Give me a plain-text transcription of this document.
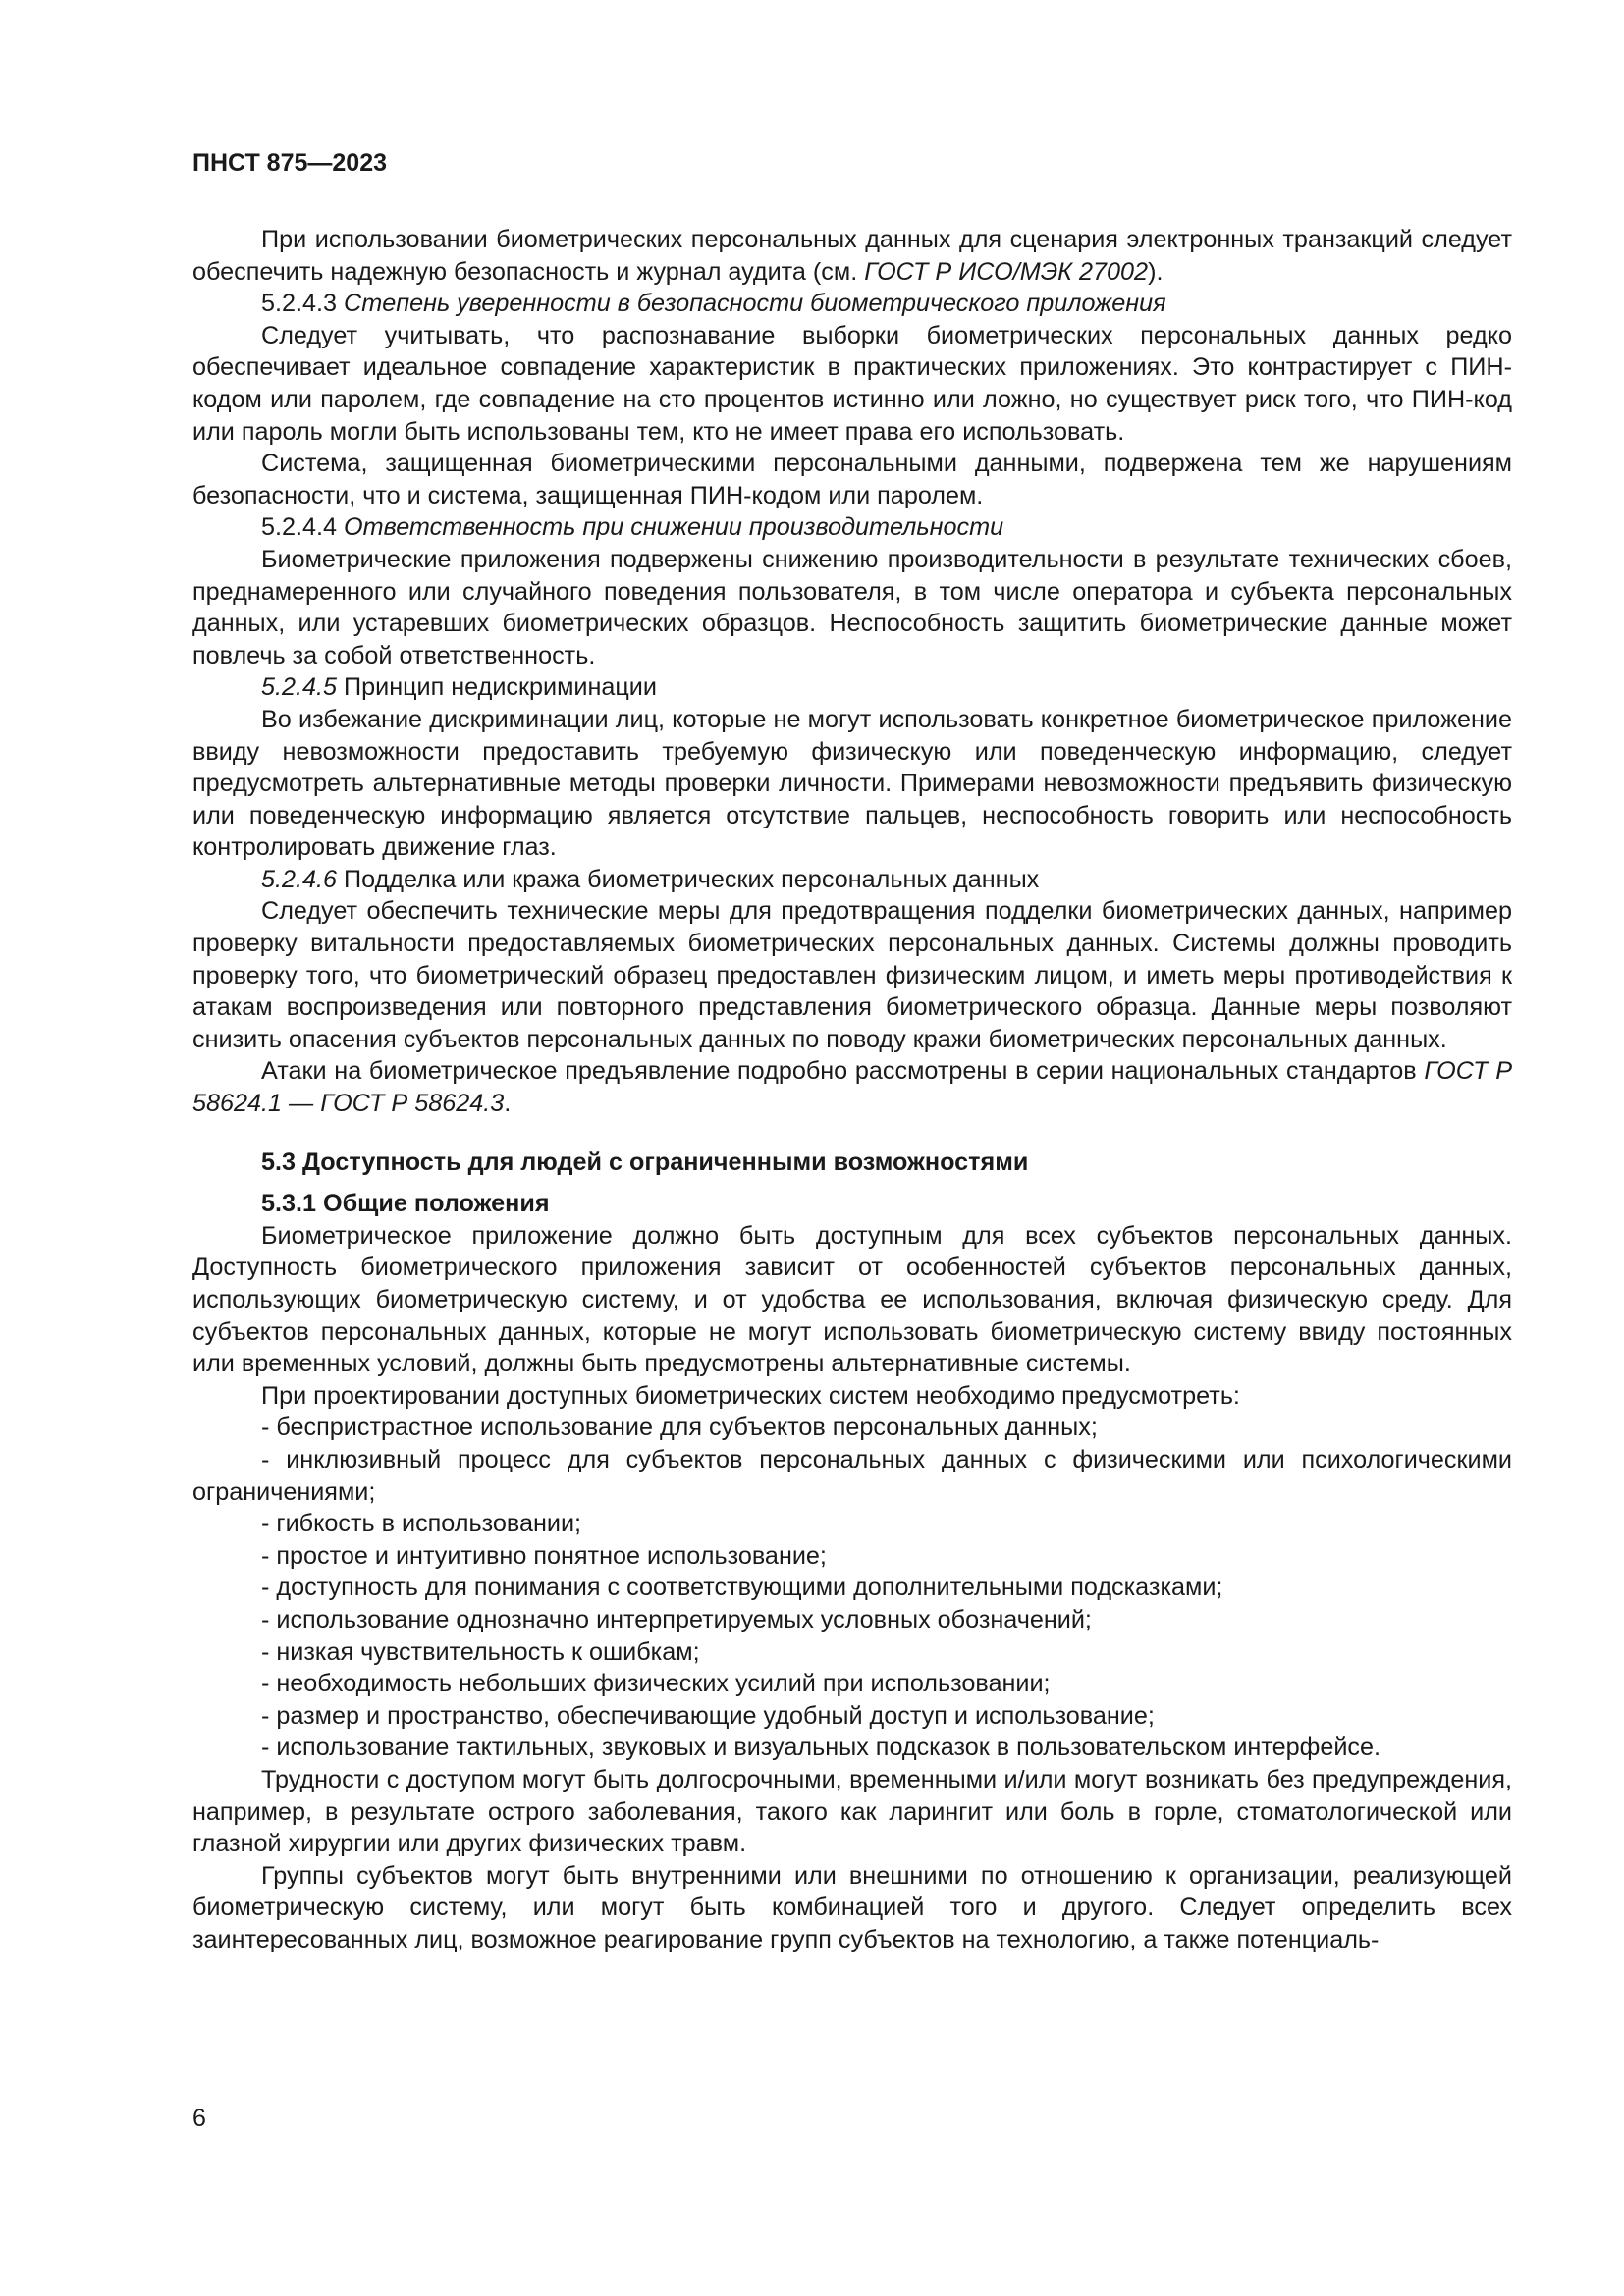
ПНСТ 875—2023

При использовании биометрических персональных данных для сценария электронных транзакций следует обеспечить надежную безопасность и журнал аудита (см. ГОСТ Р ИСО/МЭК 27002).

5.2.4.3 Степень уверенности в безопасности биометрического приложения

Следует учитывать, что распознавание выборки биометрических персональных данных редко обеспечивает идеальное совпадение характеристик в практических приложениях. Это контрастирует с ПИН-кодом или паролем, где совпадение на сто процентов истинно или ложно, но существует риск того, что ПИН-код или пароль могли быть использованы тем, кто не имеет права его использовать.

Система, защищенная биометрическими персональными данными, подвержена тем же нарушениям безопасности, что и система, защищенная ПИН-кодом или паролем.

5.2.4.4 Ответственность при снижении производительности

Биометрические приложения подвержены снижению производительности в результате технических сбоев, преднамеренного или случайного поведения пользователя, в том числе оператора и субъекта персональных данных, или устаревших биометрических образцов. Неспособность защитить биометрические данные может повлечь за собой ответственность.

5.2.4.5 Принцип недискриминации

Во избежание дискриминации лиц, которые не могут использовать конкретное биометрическое приложение ввиду невозможности предоставить требуемую физическую или поведенческую информацию, следует предусмотреть альтернативные методы проверки личности. Примерами невозможности предъявить физическую или поведенческую информацию является отсутствие пальцев, неспособность говорить или неспособность контролировать движение глаз.

5.2.4.6 Подделка или кража биометрических персональных данных

Следует обеспечить технические меры для предотвращения подделки биометрических данных, например проверку витальности предоставляемых биометрических персональных данных. Системы должны проводить проверку того, что биометрический образец предоставлен физическим лицом, и иметь меры противодействия к атакам воспроизведения или повторного представления биометрического образца. Данные меры позволяют снизить опасения субъектов персональных данных по поводу кражи биометрических персональных данных.

Атаки на биометрическое предъявление подробно рассмотрены в серии национальных стандартов ГОСТ Р 58624.1 — ГОСТ Р 58624.3.

5.3 Доступность для людей с ограниченными возможностями

5.3.1 Общие положения

Биометрическое приложение должно быть доступным для всех субъектов персональных данных. Доступность биометрического приложения зависит от особенностей субъектов персональных данных, использующих биометрическую систему, и от удобства ее использования, включая физическую среду. Для субъектов персональных данных, которые не могут использовать биометрическую систему ввиду постоянных или временных условий, должны быть предусмотрены альтернативные системы.

При проектировании доступных биометрических систем необходимо предусмотреть:

- беспристрастное использование для субъектов персональных данных;

- инклюзивный процесс для субъектов персональных данных с физическими или психологическими ограничениями;

- гибкость в использовании;

- простое и интуитивно понятное использование;

- доступность для понимания с соответствующими дополнительными подсказками;

- использование однозначно интерпретируемых условных обозначений;

- низкая чувствительность к ошибкам;

- необходимость небольших физических усилий при использовании;

- размер и пространство, обеспечивающие удобный доступ и использование;

- использование тактильных, звуковых и визуальных подсказок в пользовательском интерфейсе.

Трудности с доступом могут быть долгосрочными, временными и/или могут возникать без предупреждения, например, в результате острого заболевания, такого как ларингит или боль в горле, стоматологической или глазной хирургии или других физических травм.

Группы субъектов могут быть внутренними или внешними по отношению к организации, реализующей биометрическую систему, или могут быть комбинацией того и другого. Следует определить всех заинтересованных лиц, возможное реагирование групп субъектов на технологию, а также потенциаль-

6
